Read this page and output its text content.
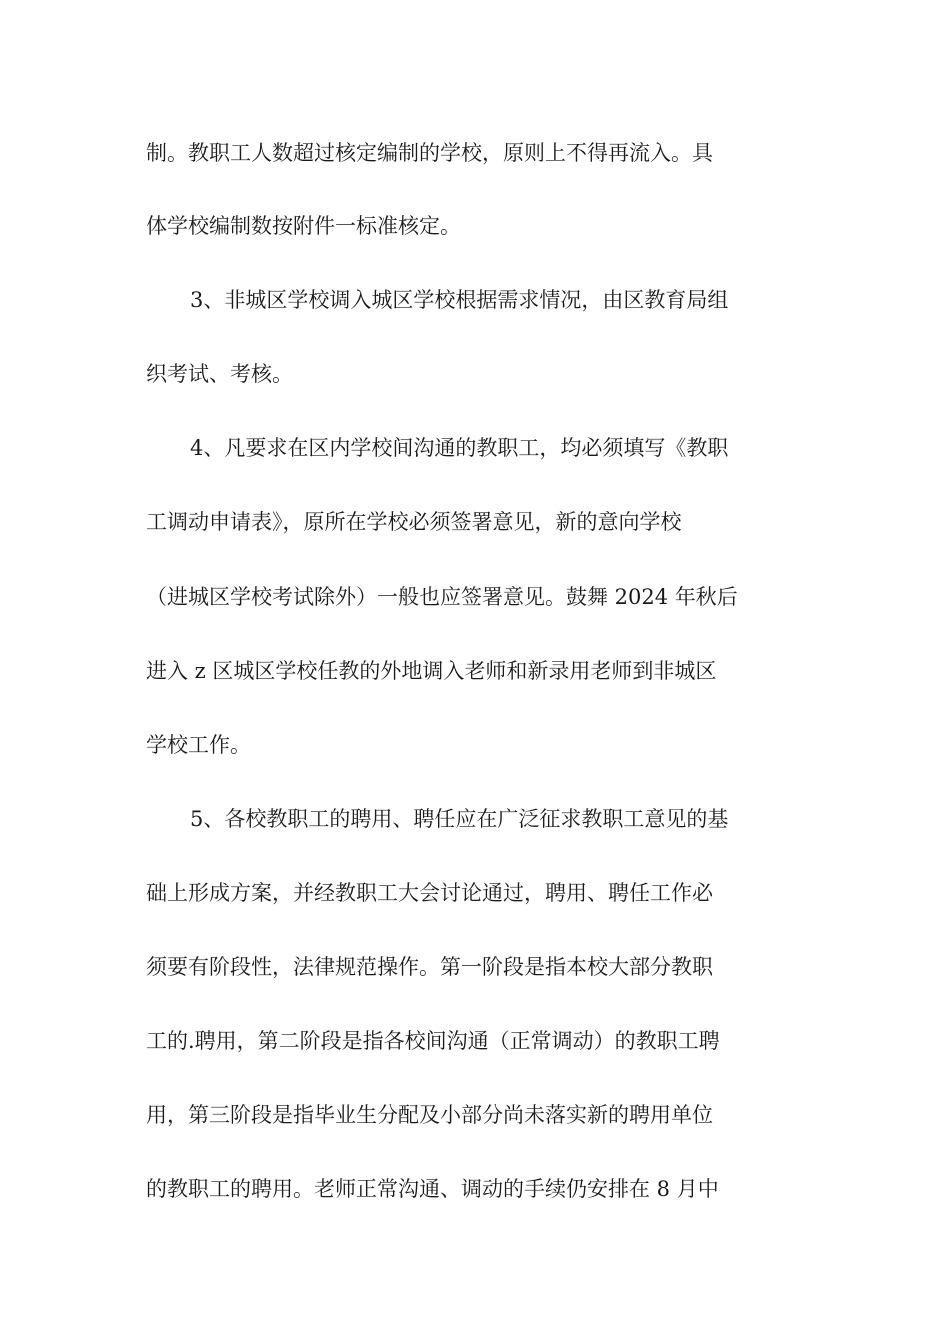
制。教职工人数超过核定编制的学校，原则上不得再流入。具
体学校编制数按附件一标准核定。
3、非城区学校调入城区学校根据需求情况，由区教育局组
织考试、考核。
4、凡要求在区内学校间沟通的教职工，均必须填写《教职
工调动申请表》，原所在学校必须签署意见，新的意向学校
（进城区学校考试除外）一般也应签署意见。鼓舞 2024 年秋后
进入 z 区城区学校任教的外地调入老师和新录用老师到非城区
学校工作。
5、各校教职工的聘用、聘任应在广泛征求教职工意见的基
础上形成方案，并经教职工大会讨论通过，聘用、聘任工作必
须要有阶段性，法律规范操作。第一阶段是指本校大部分教职
工的.聘用，第二阶段是指各校间沟通（正常调动）的教职工聘
用，第三阶段是指毕业生分配及小部分尚未落实新的聘用单位
的教职工的聘用。老师正常沟通、调动的手续仍安排在 8 月中
